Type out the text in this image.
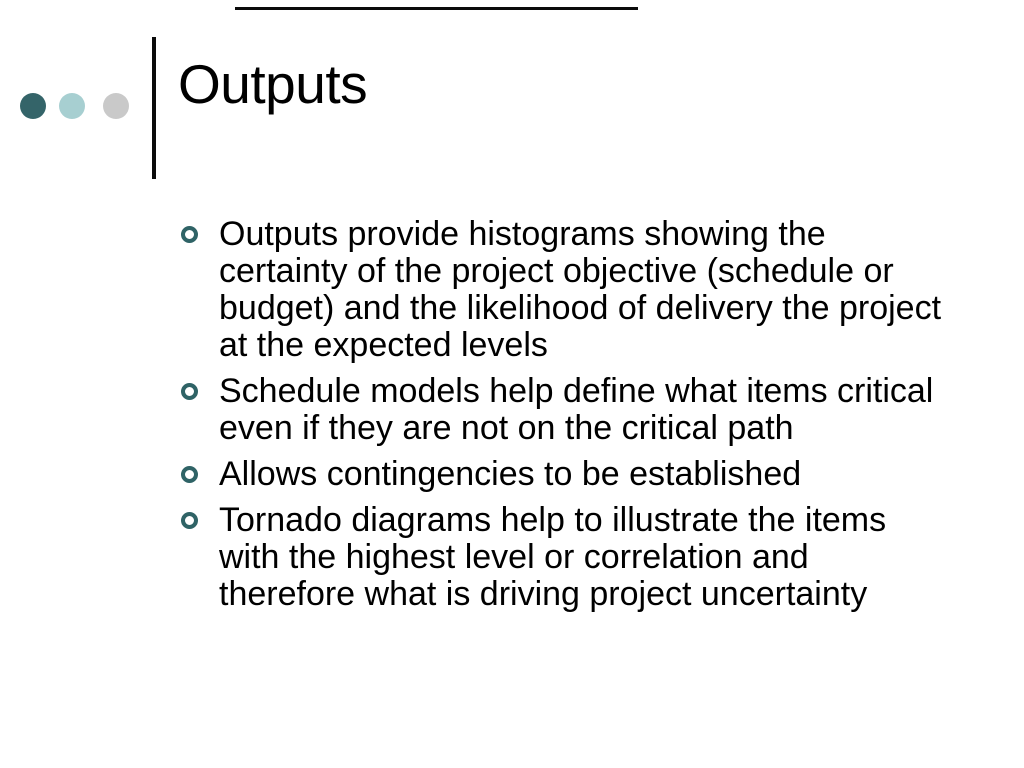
Outputs
Outputs provide histograms showing the
certainty of the project objective (schedule or
budget) and the likelihood of delivery the project
at the expected levels
Schedule models help define what items critical
even if they are not on the critical path
Allows contingencies to be established
Tornado diagrams help to illustrate the items
with the highest level or correlation and
therefore what is driving project uncertainty
